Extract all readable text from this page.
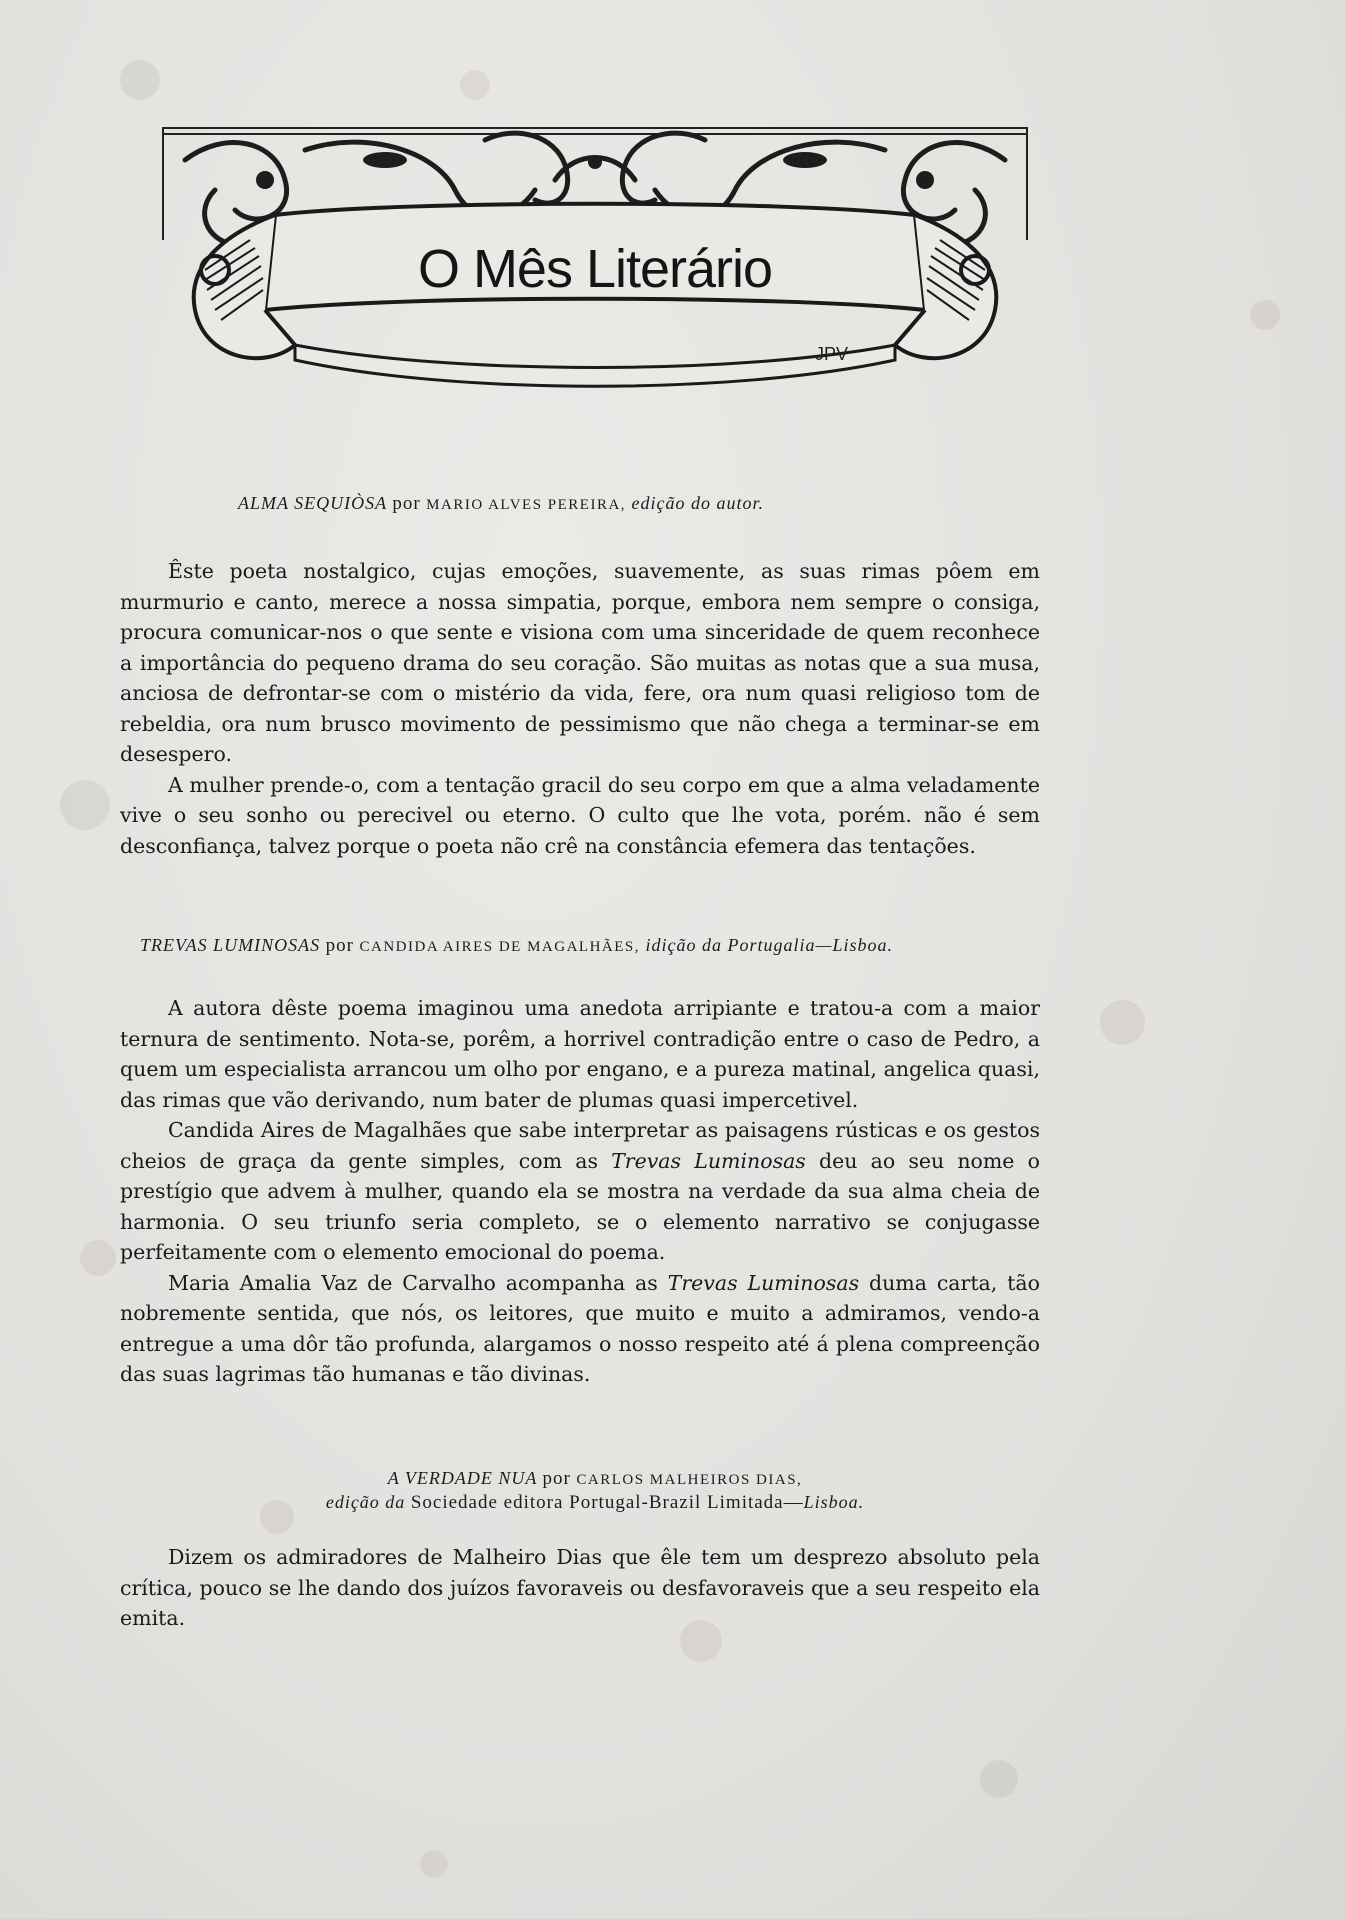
JPV
O Mês Literário
ALMA SEQUIÒSA por MARIO ALVES PEREIRA, edição do autor.

Êste poeta nostalgico, cujas emoções, suavemente, as suas rimas pôem em murmurio e canto, merece a nossa simpatia, porque, embora nem sempre o consiga, procura comunicar-nos o que sente e visiona com uma sinceridade de quem reconhece a importância do pequeno drama do seu coração. São muitas as notas que a sua musa, anciosa de defrontar-se com o mistério da vida, fere, ora num quasi religioso tom de rebeldia, ora num brusco movimento de pessimismo que não chega a terminar-se em desespero.

A mulher prende-o, com a tentação gracil do seu corpo em que a alma veladamente vive o seu sonho ou perecivel ou eterno. O culto que lhe vota, porém. não é sem desconfiança, talvez porque o poeta não crê na constância efemera das tentações.

TREVAS LUMINOSAS por CANDIDA AIRES DE MAGALHÃES, idição da Portugalia—Lisboa.

A autora dêste poema imaginou uma anedota arripiante e tratou-a com a maior ternura de sentimento. Nota-se, porêm, a horrivel contradição entre o caso de Pedro, a quem um especialista arrancou um olho por engano, e a pureza matinal, angelica quasi, das rimas que vão derivando, num bater de plumas quasi impercetivel.

Candida Aires de Magalhães que sabe interpretar as paisagens rústicas e os gestos cheios de graça da gente simples, com as Trevas Luminosas deu ao seu nome o prestígio que advem à mulher, quando ela se mostra na verdade da sua alma cheia de harmonia. O seu triunfo seria completo, se o elemento narrativo se conjugasse perfeitamente com o elemento emocional do poema.

Maria Amalia Vaz de Carvalho acompanha as Trevas Luminosas duma carta, tão nobremente sentida, que nós, os leitores, que muito e muito a admiramos, vendo-a entregue a uma dôr tão profunda, alargamos o nosso respeito até á plena compreenção das suas lagrimas tão humanas e tão divinas.

A VERDADE NUA por CARLOS MALHEIROS DIAS,
edição da Sociedade editora Portugal-Brazil Limitada—Lisboa.

Dizem os admiradores de Malheiro Dias que êle tem um desprezo absoluto pela crítica, pouco se lhe dando dos juízos favoraveis ou desfavoraveis que a seu respeito ela emita.
